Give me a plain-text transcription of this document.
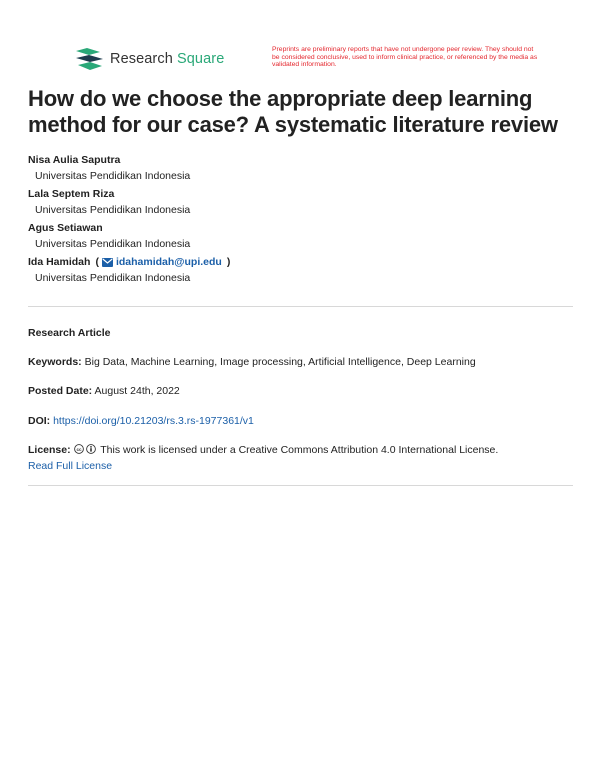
Research Square
Preprints are preliminary reports that have not undergone peer review. They should not be considered conclusive, used to inform clinical practice, or referenced by the media as validated information.
How do we choose the appropriate deep learning method for our case? A systematic literature review
Nisa Aulia Saputra
Universitas Pendidikan Indonesia
Lala Septem Riza
Universitas Pendidikan Indonesia
Agus Setiawan
Universitas Pendidikan Indonesia
Ida Hamidah ( idahamidah@upi.edu )
Universitas Pendidikan Indonesia
Research Article
Keywords: Big Data, Machine Learning, Image processing, Artificial Intelligence, Deep Learning
Posted Date: August 24th, 2022
DOI: https://doi.org/10.21203/rs.3.rs-1977361/v1
License: cc This work is licensed under a Creative Commons Attribution 4.0 International License.
Read Full License
